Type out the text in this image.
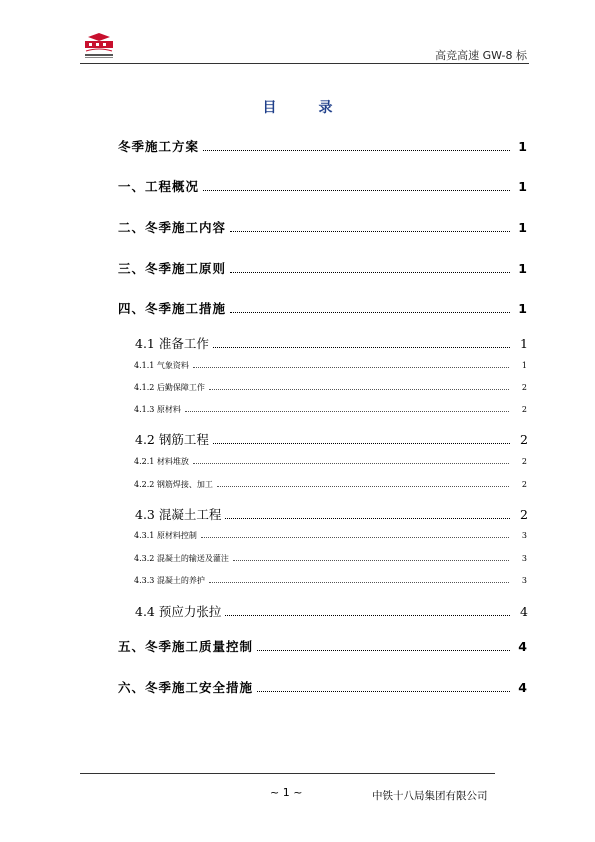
高竞高速 GW-8 标
目	录
冬季施工方案	1
一、工程概况	1
二、冬季施工内容	1
三、冬季施工原则	1
四、冬季施工措施	1
4.1 准备工作	1
4.1.1 气象资料	1
4.1.2 后勤保障工作	2
4.1.3 原材料	2
4.2 钢筋工程	2
4.2.1 材料堆放	2
4.2.2 钢筋焊接、加工	2
4.3 混凝土工程	2
4.3.1 原材料控制	3
4.3.2 混凝土的输送及灌注	3
4.3.3 混凝土的养护	3
4.4 预应力张拉	4
五、冬季施工质量控制	4
六、冬季施工安全措施	4
~ 1 ~	中铁十八局集团有限公司
